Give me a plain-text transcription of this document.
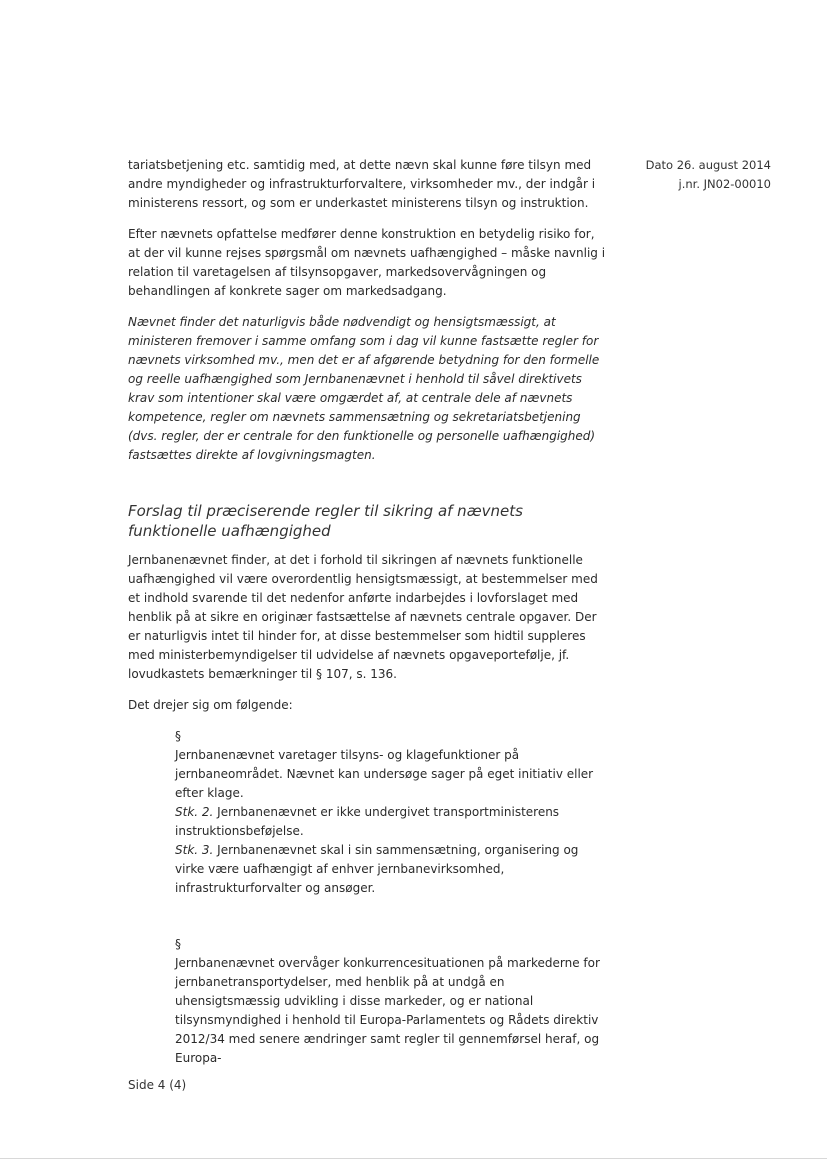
Dato 26. august 2014
j.nr. JN02-00010

tariatsbetjening etc. samtidig med, at dette nævn skal kunne føre tilsyn med andre myndigheder og infrastrukturforvaltere, virksomheder mv., der indgår i ministerens ressort, og som er underkastet ministerens tilsyn og instruktion.

Efter nævnets opfattelse medfører denne konstruktion en betydelig risiko for, at der vil kunne rejses spørgsmål om nævnets uafhængighed – måske navnlig i relation til varetagelsen af tilsynsopgaver, markedsovervågningen og behandlingen af konkrete sager om markedsadgang.

Nævnet finder det naturligvis både nødvendigt og hensigtsmæssigt, at ministeren fremover i samme omfang som i dag vil kunne fastsætte regler for nævnets virksomhed mv., men det er af afgørende betydning for den formelle og reelle uafhængighed som Jernbanenævnet i henhold til såvel direktivets krav som intentioner skal være omgærdet af, at centrale dele af nævnets kompetence, regler om nævnets sammensætning og sekretariatsbetjening (dvs. regler, der er centrale for den funktionelle og personelle uafhængighed) fastsættes direkte af lovgivningsmagten.

Forslag til præciserende regler til sikring af nævnets funktionelle uafhængighed

Jernbanenævnet finder, at det i forhold til sikringen af nævnets funktionelle uafhængighed vil være overordentlig hensigtsmæssigt, at bestemmelser med et indhold svarende til det nedenfor anførte indarbejdes i lovforslaget med henblik på at sikre en originær fastsættelse af nævnets centrale opgaver. Der er naturligvis intet til hinder for, at disse bestemmelser som hidtil suppleres med ministerbemyndigelser til udvidelse af nævnets opgaveportefølje, jf. lovudkastets bemærkninger til § 107, s. 136.

Det drejer sig om følgende:

§
Jernbanenævnet varetager tilsyns- og klagefunktioner på jernbaneområdet. Nævnet kan undersøge sager på eget initiativ eller efter klage.
Stk. 2. Jernbanenævnet er ikke undergivet transportministerens instruktionsbeføjelse.
Stk. 3. Jernbanenævnet skal i sin sammensætning, organisering og virke være uafhængigt af enhver jernbanevirksomhed, infrastrukturforvalter og ansøger.
§
Jernbanenævnet overvåger konkurrencesituationen på markederne for jernbanetransportydelser, med henblik på at undgå en uhensigtsmæssig udvikling i disse markeder, og er national tilsynsmyndighed i henhold til Europa-Parlamentets og Rådets direktiv 2012/34 med senere ændringer samt regler til gennemførsel heraf, og Europa-
Side 4 (4)
